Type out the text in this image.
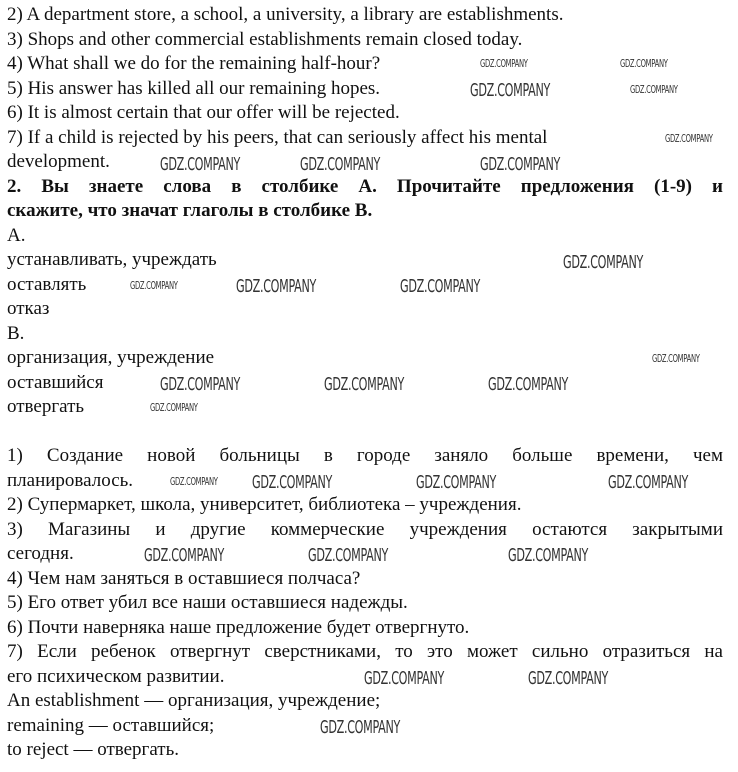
2) A department store, a school, a university, a library are establishments.
3) Shops and other commercial establishments remain closed today.
4) What shall we do for the remaining half-hour?
5) His answer has killed all our remaining hopes.
6) It is almost certain that our offer will be rejected.
7) If a child is rejected by his peers, that can seriously affect his mental
development.
2. Вы знаете слова в столбике А. Прочитайте предложения (1-9) и
скажите, что значат глаголы в столбике В.
А.
устанавливать, учреждать
оставлять
отказ
В.
организация, учреждение
оставшийся
отвергать
1) Создание новой больницы в городе заняло больше времени, чем
планировалось.
2) Супермаркет, школа, университет, библиотека – учреждения.
3) Магазины и другие коммерческие учреждения остаются закрытыми
сегодня.
4) Чем нам заняться в оставшиеся полчаса?
5) Его ответ убил все наши оставшиеся надежды.
6) Почти наверняка наше предложение будет отвергнуто.
7) Если ребенок отвергнут сверстниками, то это может сильно отразиться на
его психическом развитии.
An establishment — организация, учреждение;
remaining — оставшийся;
to reject — отвергать.
GDZ.COMPANY	GDZ.COMPANY
GDZ.COMPANY	GDZ.COMPANY
GDZ.COMPANY
GDZ.COMPANY	GDZ.COMPANY	GDZ.COMPANY
GDZ.COMPANY
GDZ.COMPANY	GDZ.COMPANY	GDZ.COMPANY
GDZ.COMPANY
GDZ.COMPANY	GDZ.COMPANY	GDZ.COMPANY
GDZ.COMPANY
GDZ.COMPANY GDZ.COMPANY	GDZ.COMPANY	GDZ.COMPANY
GDZ.COMPANY	GDZ.COMPANY	GDZ.COMPANY
GDZ.COMPANY	GDZ.COMPANY
GDZ.COMPANY
